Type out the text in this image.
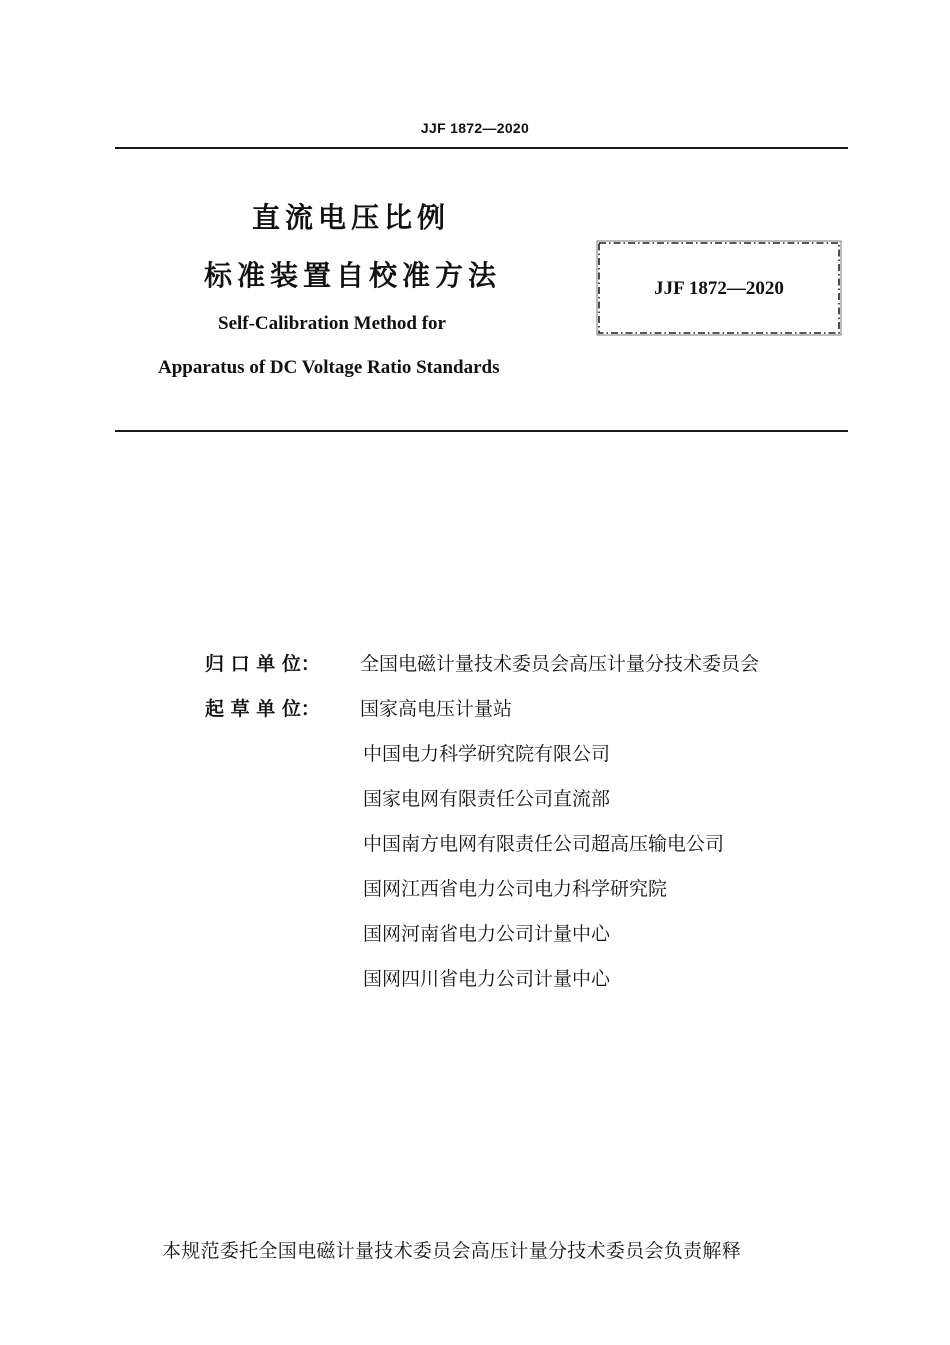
JJF 1872—2020
直流电压比例
标准装置自校准方法
Self-Calibration Method for
Apparatus of DC Voltage Ratio Standards
JJF 1872—2020
归 口 单 位： 全国电磁计量技术委员会高压计量分技术委员会
起 草 单 位： 国家高电压计量站
中国电力科学研究院有限公司
国家电网有限责任公司直流部
中国南方电网有限责任公司超高压输电公司
国网江西省电力公司电力科学研究院
国网河南省电力公司计量中心
国网四川省电力公司计量中心
本规范委托全国电磁计量技术委员会高压计量分技术委员会负责解释
